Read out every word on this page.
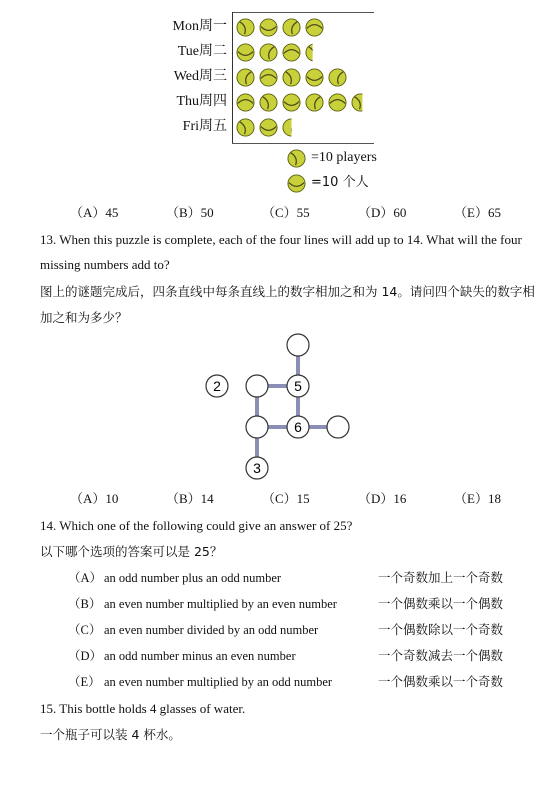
Mon周一
Tue周二
Wed周三
Thu周四
Fri周五
=10 players
=10 个人
（A）45	（B）50	（C）55	（D）60	（E）65
13. When this puzzle is complete, each of the four lines will add up to 14. What will the four
missing numbers add to?
图上的谜题完成后，四条直线中每条直线上的数字相加之和为 14。请问四个缺失的数字相
加之和为多少？
2	5
6
3
（A）10	（B）14	（C）15	（D）16	（E）18
14. Which one of the following could give an answer of 25?
以下哪个选项的答案可以是 25？
（A） an odd number plus an odd number	一个奇数加上一个奇数
（B） an even number multiplied by an even number	一个偶数乘以一个偶数
（C） an even number divided by an odd number	一个偶数除以一个奇数
（D） an odd number minus an even number	一个奇数减去一个偶数
（E） an even number multiplied by an odd number	一个偶数乘以一个奇数
15. This bottle holds 4 glasses of water.
一个瓶子可以装 4 杯水。
